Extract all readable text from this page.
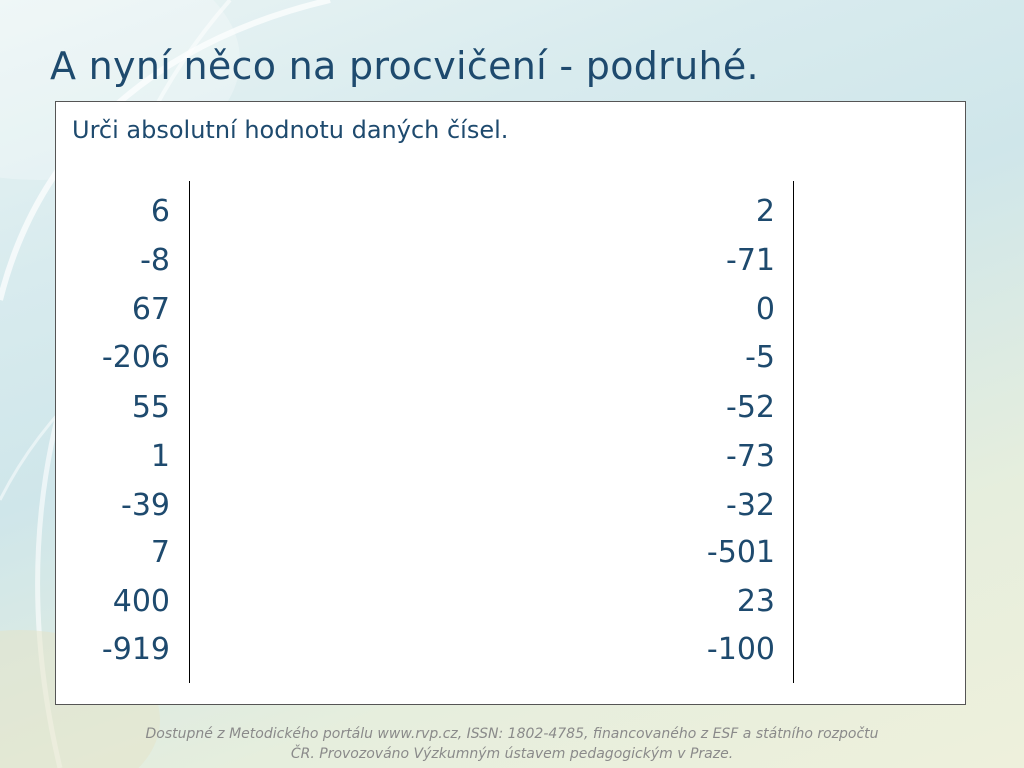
A nyní něco na procvičení - podruhé.
Urči absolutní hodnotu daných čísel.
6
-8
67
-206
55
1
-39
7
400
-919
2
-71
0
-5
-52
-73
-32
-501
23
-100
Dostupné z Metodického portálu www.rvp.cz, ISSN: 1802-4785, financovaného z ESF a státního rozpočtu
ČR. Provozováno Výzkumným ústavem pedagogickým v Praze.
